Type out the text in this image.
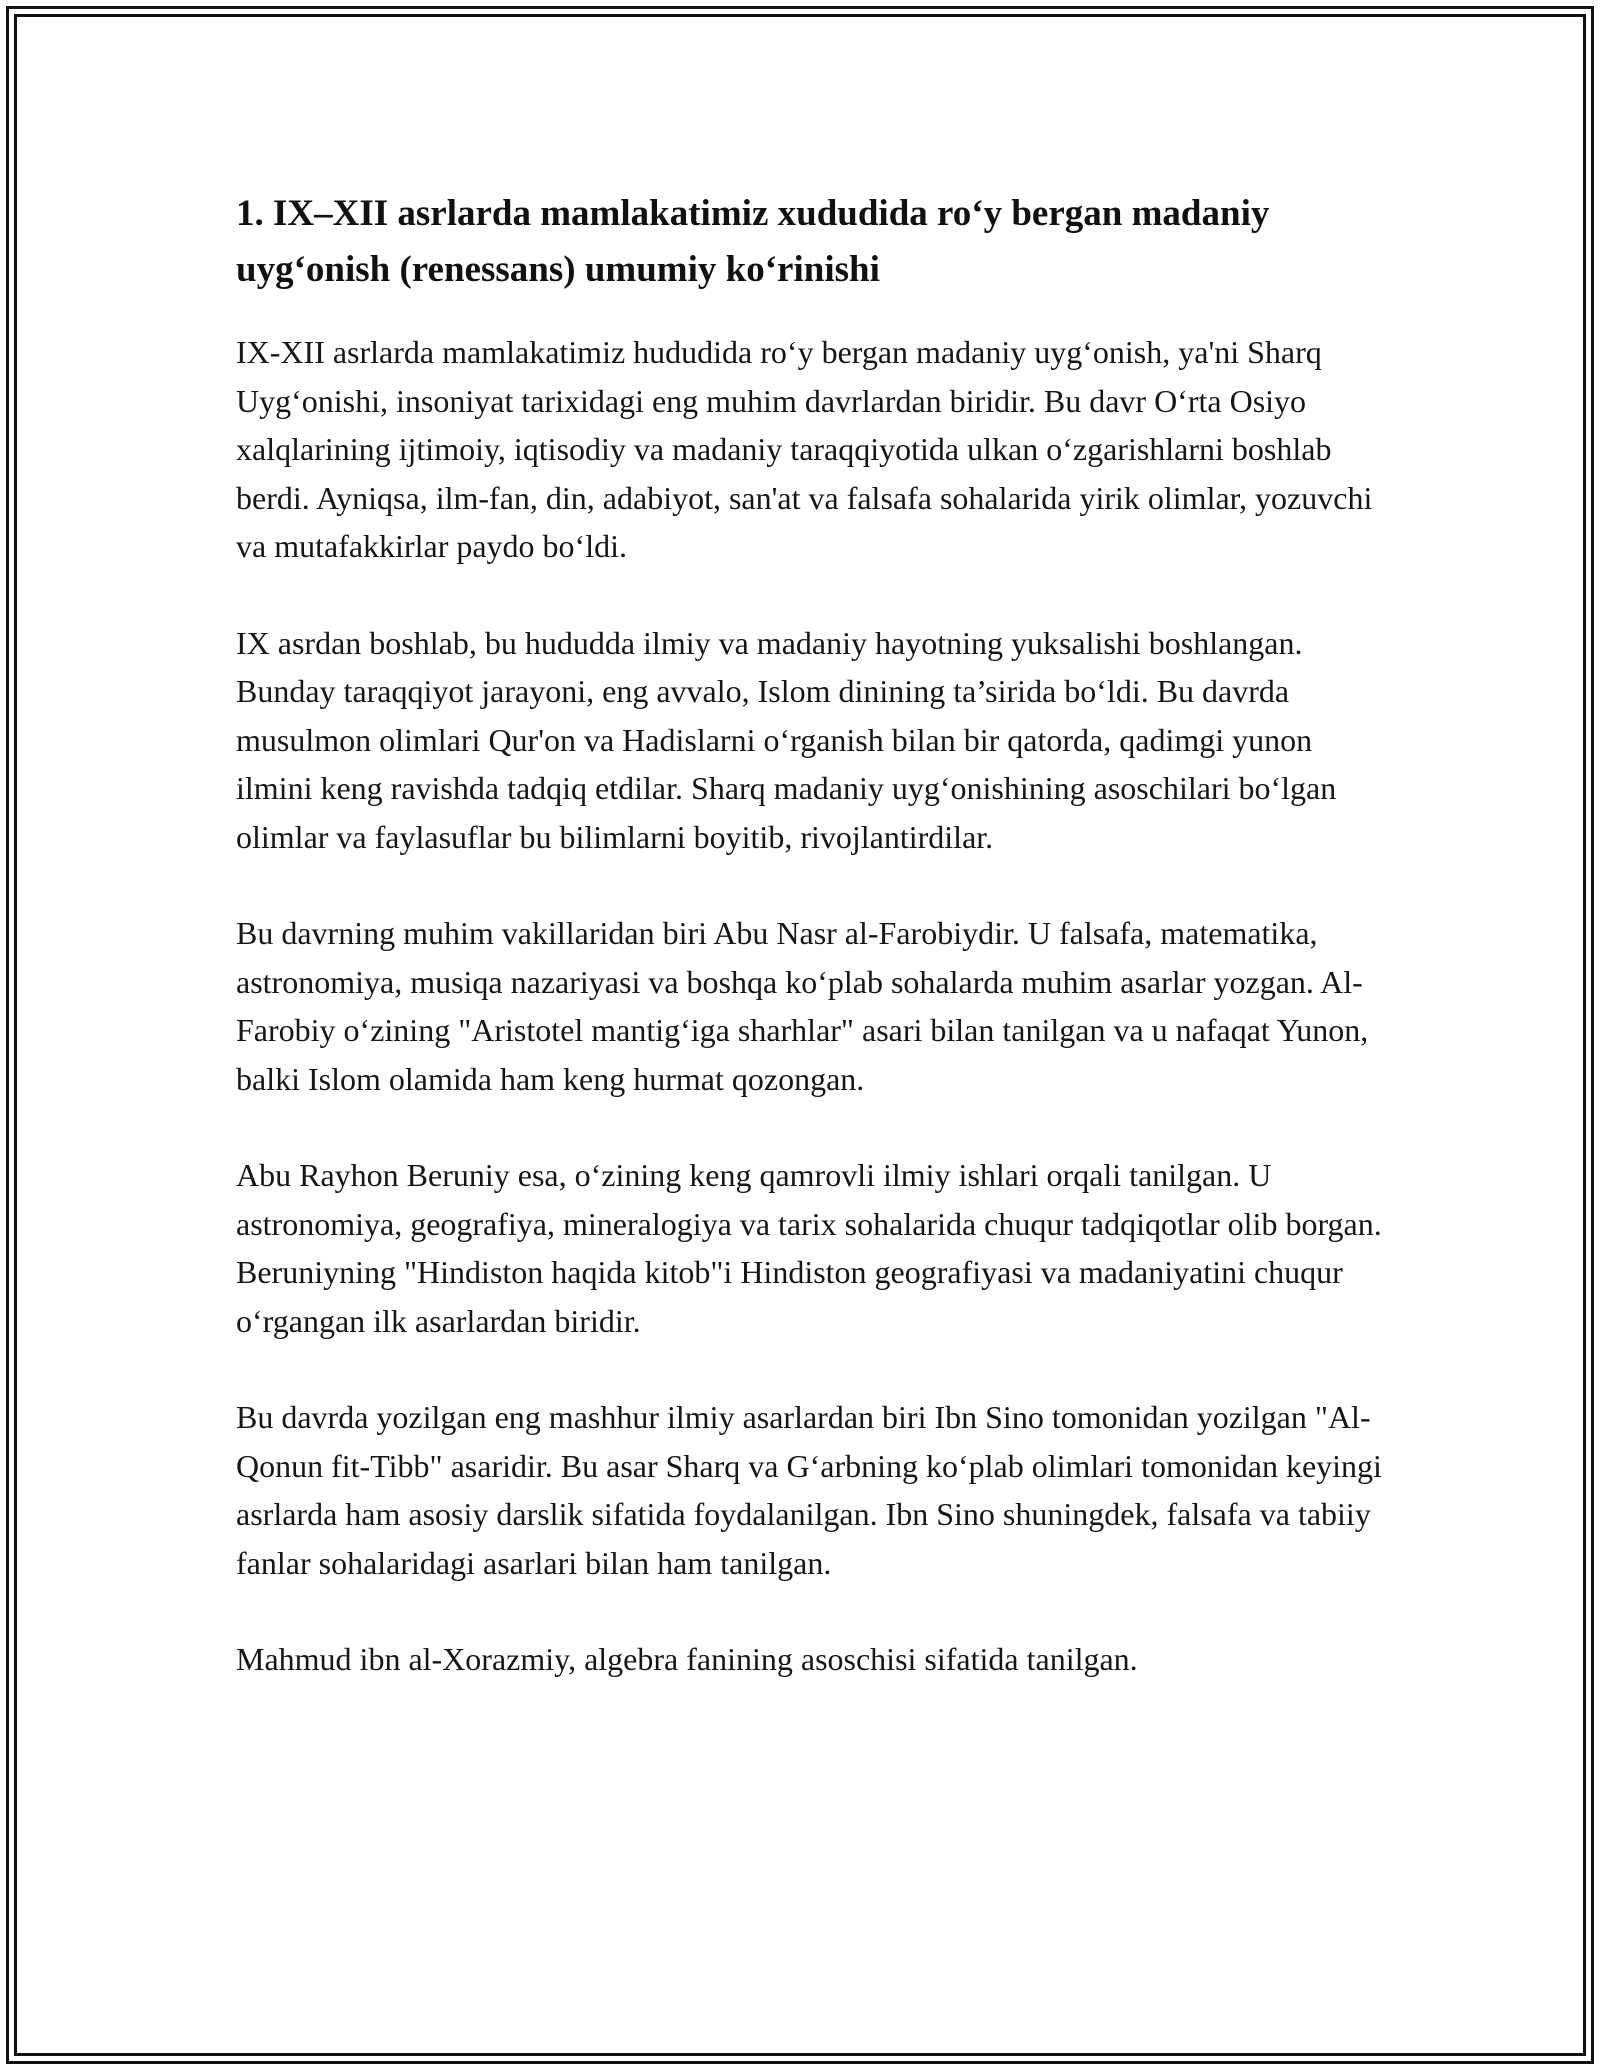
1. IX–XII asrlarda mamlakatimiz xududida ro‘y bergan madaniy uyg‘onish (renessans) umumiy ko‘rinishi

IX-XII asrlarda mamlakatimiz hududida ro‘y bergan madaniy uyg‘onish, ya'ni Sharq Uyg‘onishi, insoniyat tarixidagi eng muhim davrlardan biridir. Bu davr O‘rta Osiyo xalqlarining ijtimoiy, iqtisodiy va madaniy taraqqiyotida ulkan o‘zgarishlarni boshlab berdi. Ayniqsa, ilm-fan, din, adabiyot, san'at va falsafa sohalarida yirik olimlar, yozuvchi va mutafakkirlar paydo bo‘ldi.

IX asrdan boshlab, bu hududda ilmiy va madaniy hayotning yuksalishi boshlangan. Bunday taraqqiyot jarayoni, eng avvalo, Islom dinining ta’sirida bo‘ldi. Bu davrda musulmon olimlari Qur'on va Hadislarni o‘rganish bilan bir qatorda, qadimgi yunon ilmini keng ravishda tadqiq etdilar. Sharq madaniy uyg‘onishining asoschilari bo‘lgan olimlar va faylasuflar bu bilimlarni boyitib, rivojlantirdilar.

Bu davrning muhim vakillaridan biri Abu Nasr al-Farobiydir. U falsafa, matematika, astronomiya, musiqa nazariyasi va boshqa ko‘plab sohalarda muhim asarlar yozgan. Al-Farobiy o‘zining "Aristotel mantig‘iga sharhlar" asari bilan tanilgan va u nafaqat Yunon, balki Islom olamida ham keng hurmat qozongan.

Abu Rayhon Beruniy esa, o‘zining keng qamrovli ilmiy ishlari orqali tanilgan. U astronomiya, geografiya, mineralogiya va tarix sohalarida chuqur tadqiqotlar olib borgan. Beruniyning "Hindiston haqida kitob"i Hindiston geografiyasi va madaniyatini chuqur o‘rgangan ilk asarlardan biridir.

Bu davrda yozilgan eng mashhur ilmiy asarlardan biri Ibn Sino tomonidan yozilgan "Al-Qonun fit-Tibb" asaridir. Bu asar Sharq va G‘arbning ko‘plab olimlari tomonidan keyingi asrlarda ham asosiy darslik sifatida foydalanilgan. Ibn Sino shuningdek, falsafa va tabiiy fanlar sohalaridagi asarlari bilan ham tanilgan.

Mahmud ibn al-Xorazmiy, algebra fanining asoschisi sifatida tanilgan.
